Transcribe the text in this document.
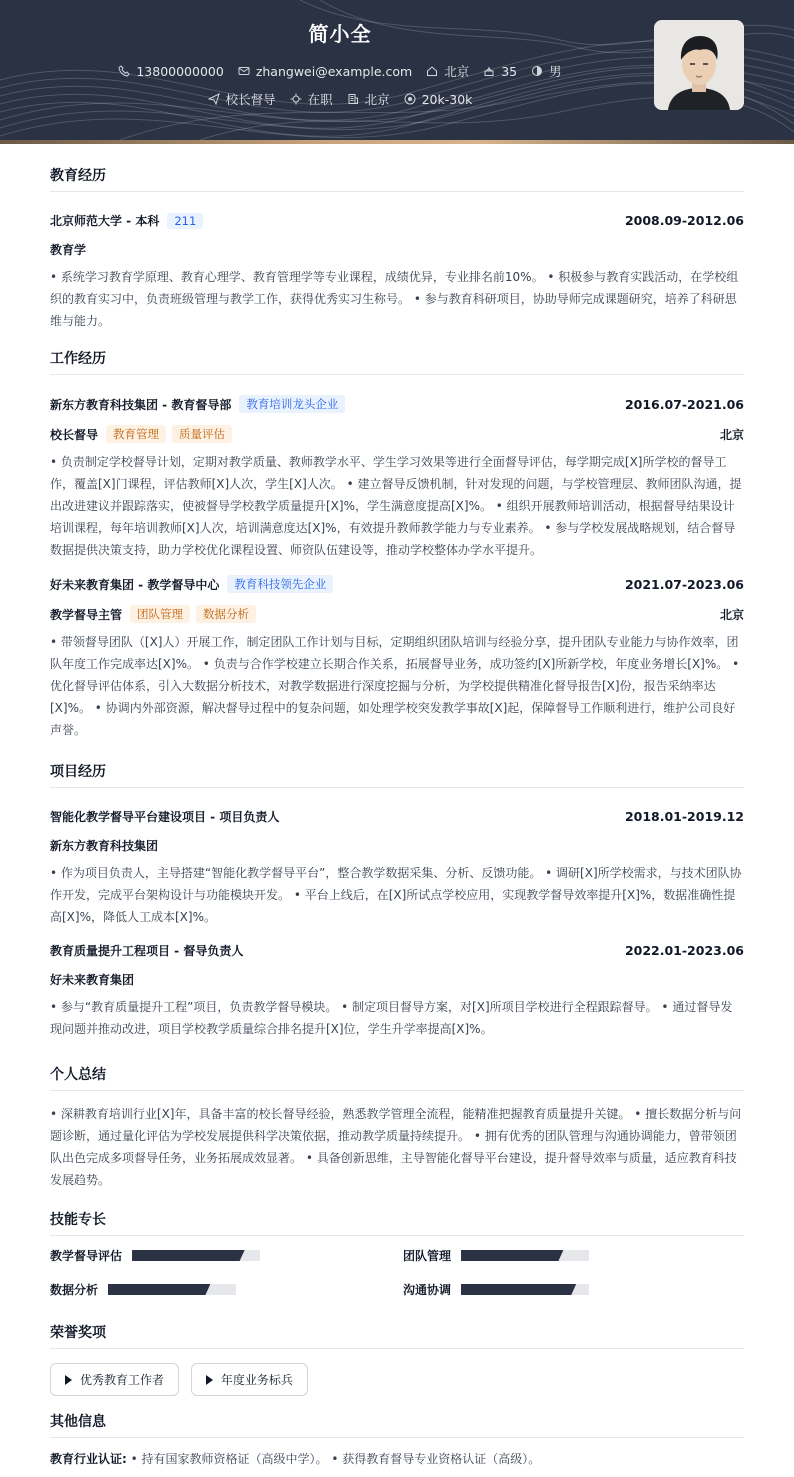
简小全
13800000000	zhangwei@example.com	北京	35	男
校长督导	在职	北京	20k-30k
教育经历
北京师范大学 - 本科	211	2008.09-2012.06
教育学
• 系统学习教育学原理、教育心理学、教育管理学等专业课程，成绩优异，专业排名前10%。 • 积极参与教育实践活动，在学校组织的教育实习中，负责班级管理与教学工作，获得优秀实习生称号。 • 参与教育科研项目，协助导师完成课题研究，培养了科研思维与能力。
工作经历
新东方教育科技集团 - 教育督导部	教育培训龙头企业	2016.07-2021.06
校长督导	教育管理	质量评估	北京
• 负责制定学校督导计划，定期对教学质量、教师教学水平、学生学习效果等进行全面督导评估，每学期完成[X]所学校的督导工作，覆盖[X]门课程，评估教师[X]人次，学生[X]人次。 • 建立督导反馈机制，针对发现的问题，与学校管理层、教师团队沟通，提出改进建议并跟踪落实，使被督导学校教学质量提升[X]%，学生满意度提高[X]%。 • 组织开展教师培训活动，根据督导结果设计培训课程，每年培训教师[X]人次，培训满意度达[X]%，有效提升教师教学能力与专业素养。 • 参与学校发展战略规划，结合督导数据提供决策支持，助力学校优化课程设置、师资队伍建设等，推动学校整体办学水平提升。
好未来教育集团 - 教学督导中心	教育科技领先企业	2021.07-2023.06
教学督导主管	团队管理	数据分析	北京
• 带领督导团队（[X]人）开展工作，制定团队工作计划与目标，定期组织团队培训与经验分享，提升团队专业能力与协作效率，团队年度工作完成率达[X]%。 • 负责与合作学校建立长期合作关系，拓展督导业务，成功签约[X]所新学校，年度业务增长[X]%。 • 优化督导评估体系，引入大数据分析技术，对教学数据进行深度挖掘与分析，为学校提供精准化督导报告[X]份，报告采纳率达[X]%。 • 协调内外部资源，解决督导过程中的复杂问题，如处理学校突发教学事故[X]起，保障督导工作顺利进行，维护公司良好声誉。
项目经历
智能化教学督导平台建设项目 - 项目负责人	2018.01-2019.12
新东方教育科技集团
• 作为项目负责人，主导搭建“智能化教学督导平台”，整合教学数据采集、分析、反馈功能。 • 调研[X]所学校需求，与技术团队协作开发，完成平台架构设计与功能模块开发。 • 平台上线后，在[X]所试点学校应用，实现教学督导效率提升[X]%，数据准确性提高[X]%，降低人工成本[X]%。
教育质量提升工程项目 - 督导负责人	2022.01-2023.06
好未来教育集团
• 参与“教育质量提升工程”项目，负责教学督导模块。 • 制定项目督导方案，对[X]所项目学校进行全程跟踪督导。 • 通过督导发现问题并推动改进，项目学校教学质量综合排名提升[X]位，学生升学率提高[X]%。
个人总结
• 深耕教育培训行业[X]年，具备丰富的校长督导经验，熟悉教学管理全流程，能精准把握教育质量提升关键。 • 擅长数据分析与问题诊断，通过量化评估为学校发展提供科学决策依据，推动教学质量持续提升。 • 拥有优秀的团队管理与沟通协调能力，曾带领团队出色完成多项督导任务，业务拓展成效显著。 • 具备创新思维，主导智能化督导平台建设，提升督导效率与质量，适应教育科技发展趋势。
技能专长
教学督导评估	团队管理
数据分析	沟通协调
荣誉奖项
优秀教育工作者
	年度业务标兵
其他信息
教育行业认证: • 持有国家教师资格证（高级中学）。 • 获得教育督导专业资格认证（高级）。
